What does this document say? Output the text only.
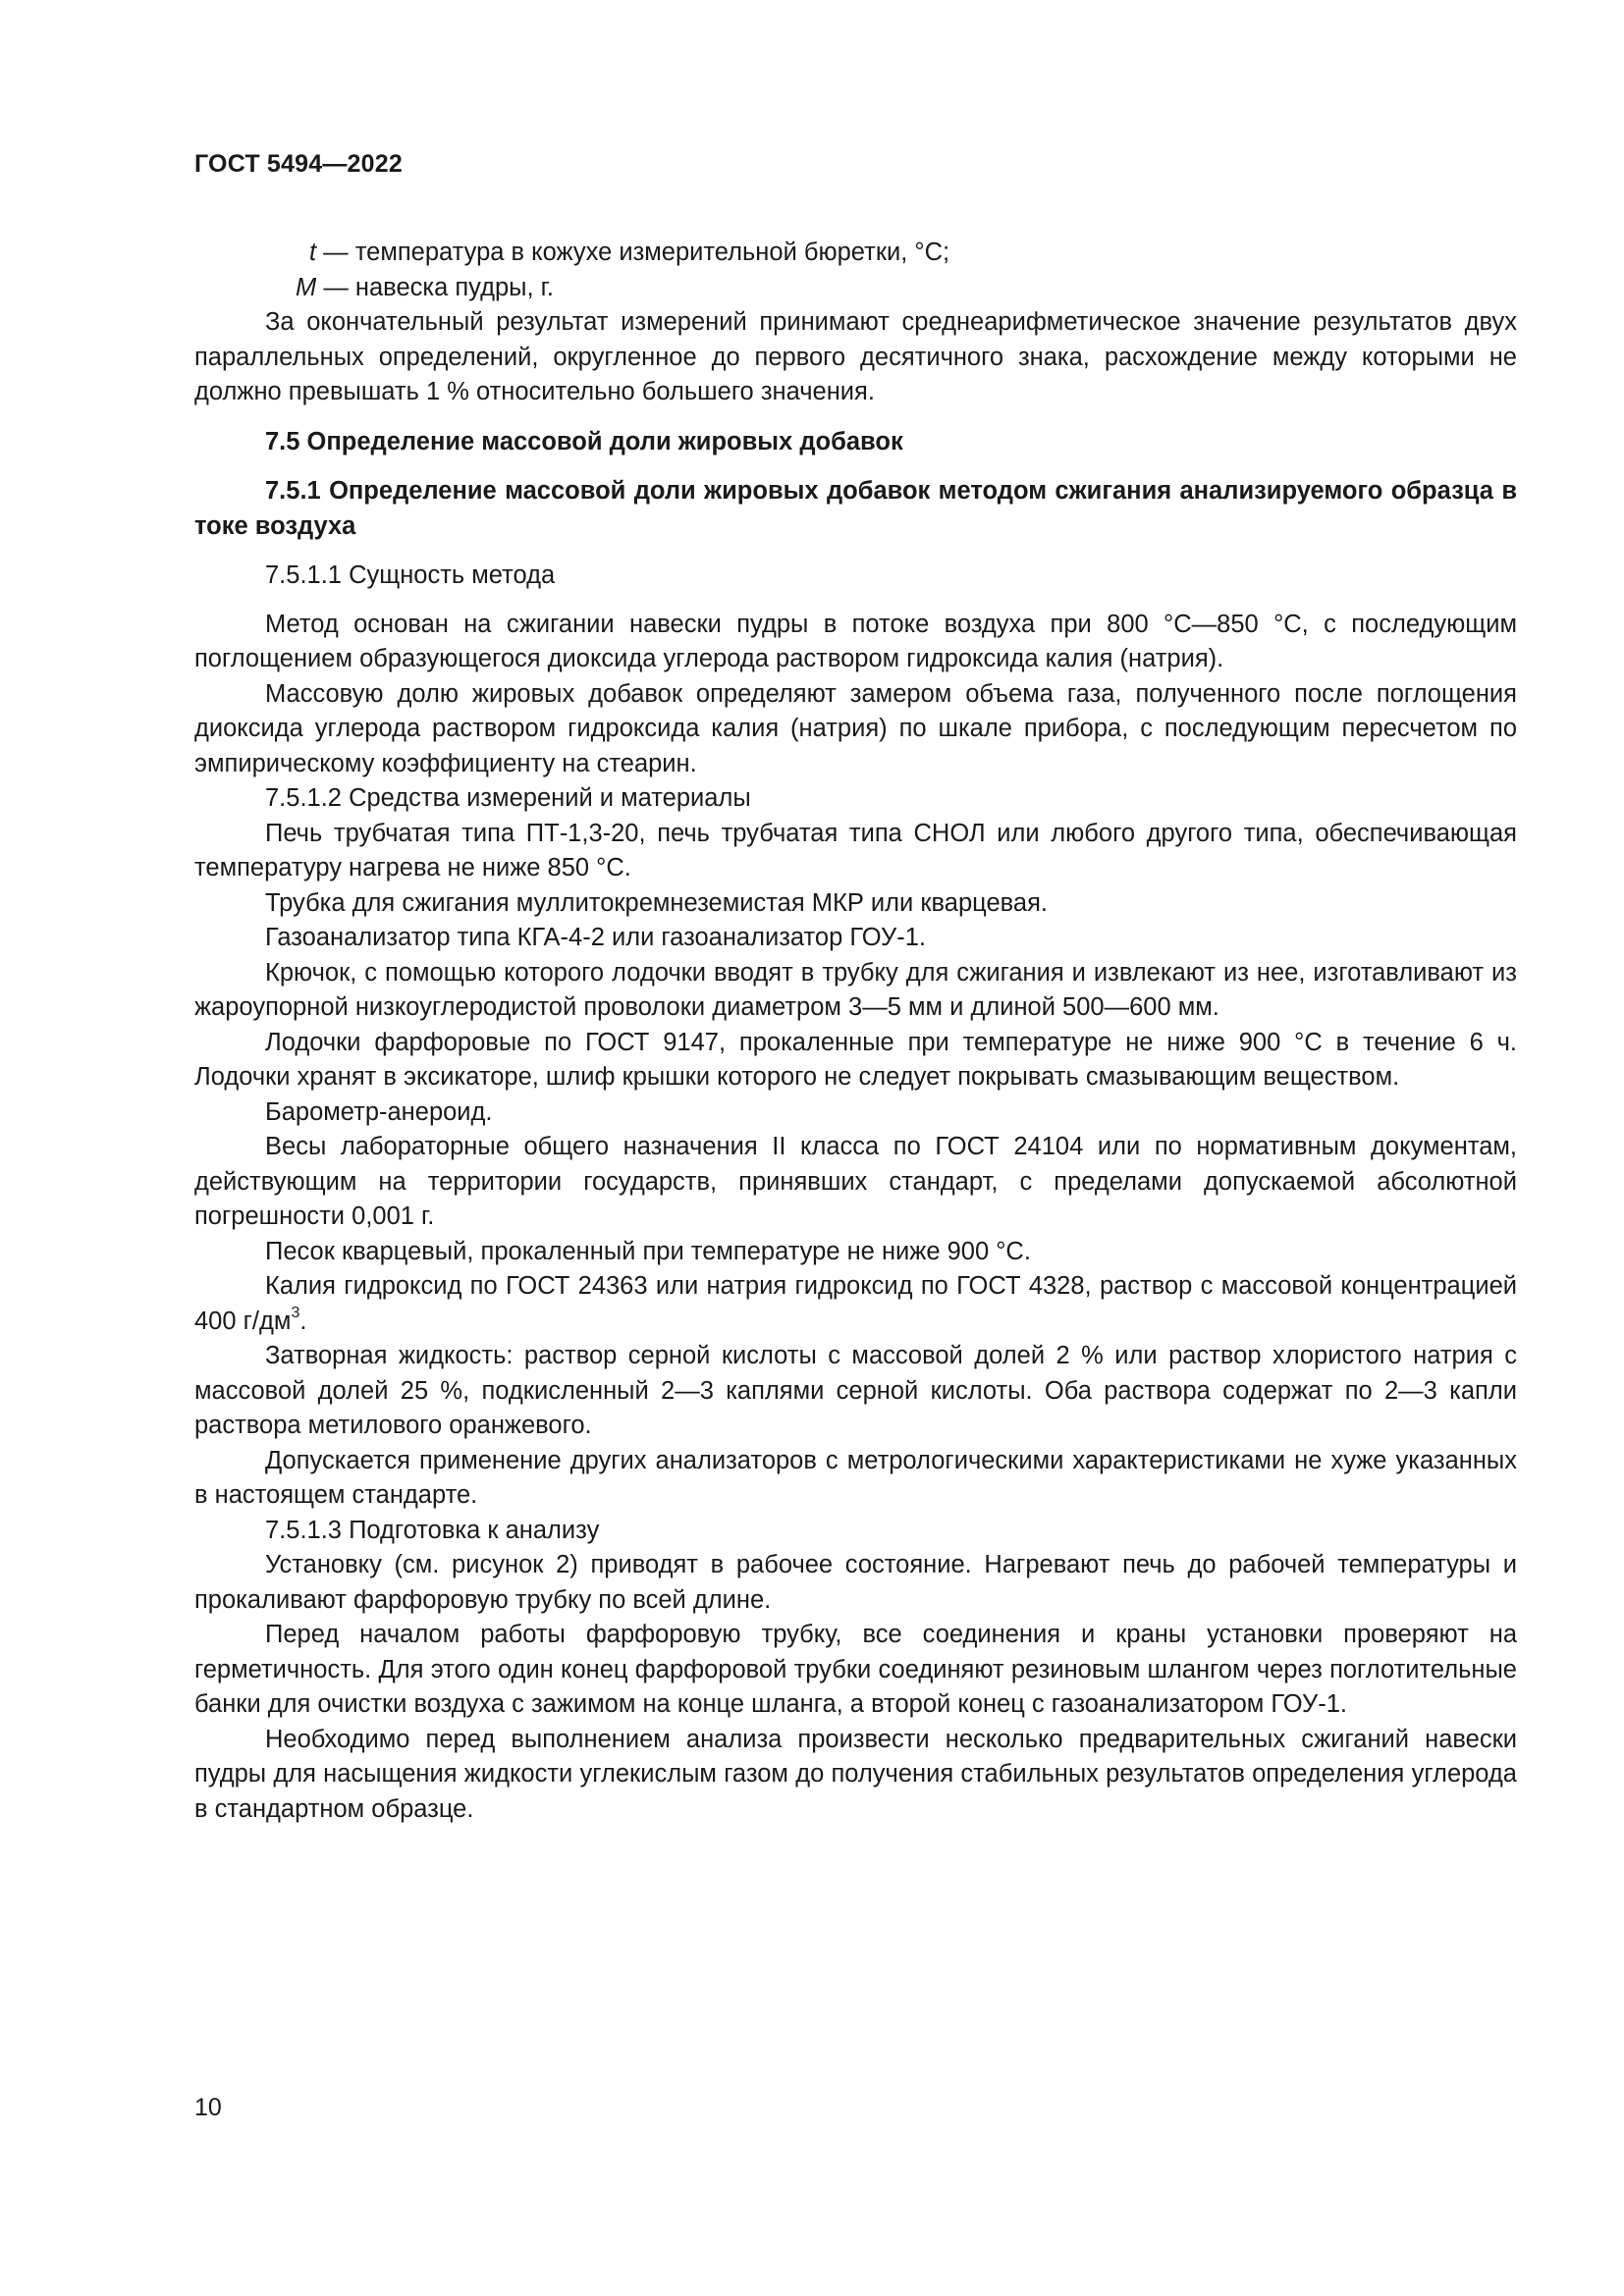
ГОСТ 5494—2022

t — температура в кожухе измерительной бюретки, °С;

M — навеска пудры, г.

За окончательный результат измерений принимают среднеарифметическое значение результатов двух параллельных определений, округленное до первого десятичного знака, расхождение между которыми не должно превышать 1 % относительно большего значения.

7.5 Определение массовой доли жировых добавок

7.5.1 Определение массовой доли жировых добавок методом сжигания анализируемого образца в токе воздуха

7.5.1.1 Сущность метода

Метод основан на сжигании навески пудры в потоке воздуха при 800 °С—850 °С, с последующим поглощением образующегося диоксида углерода раствором гидроксида калия (натрия).

Массовую долю жировых добавок определяют замером объема газа, полученного после поглощения диоксида углерода раствором гидроксида калия (натрия) по шкале прибора, с последующим пересчетом по эмпирическому коэффициенту на стеарин.

7.5.1.2 Средства измерений и материалы

Печь трубчатая типа ПТ-1,3-20, печь трубчатая типа СНОЛ или любого другого типа, обеспечивающая температуру нагрева не ниже 850 °С.

Трубка для сжигания муллитокремнеземистая МКР или кварцевая.

Газоанализатор типа КГА-4-2 или газоанализатор ГОУ-1.

Крючок, с помощью которого лодочки вводят в трубку для сжигания и извлекают из нее, изготавливают из жароупорной низкоуглеродистой проволоки диаметром 3—5 мм и длиной 500—600 мм.

Лодочки фарфоровые по ГОСТ 9147, прокаленные при температуре не ниже 900 °С в течение 6 ч. Лодочки хранят в эксикаторе, шлиф крышки которого не следует покрывать смазывающим веществом.

Барометр-анероид.

Весы лабораторные общего назначения II класса по ГОСТ 24104 или по нормативным документам, действующим на территории государств, принявших стандарт, с пределами допускаемой абсолютной погрешности 0,001 г.

Песок кварцевый, прокаленный при температуре не ниже 900 °С.

Калия гидроксид по ГОСТ 24363 или натрия гидроксид по ГОСТ 4328, раствор с массовой концентрацией 400 $г/дм^3$.

Затворная жидкость: раствор серной кислоты с массовой долей 2 % или раствор хлористого натрия с массовой долей 25 %, подкисленный 2—3 каплями серной кислоты. Оба раствора содержат по 2—3 капли раствора метилового оранжевого.

Допускается применение других анализаторов с метрологическими характеристиками не хуже указанных в настоящем стандарте.

7.5.1.3 Подготовка к анализу

Установку (см. рисунок 2) приводят в рабочее состояние. Нагревают печь до рабочей температуры и прокаливают фарфоровую трубку по всей длине.

Перед началом работы фарфоровую трубку, все соединения и краны установки проверяют на герметичность. Для этого один конец фарфоровой трубки соединяют резиновым шлангом через поглотительные банки для очистки воздуха с зажимом на конце шланга, а второй конец с газоанализатором ГОУ-1.

Необходимо перед выполнением анализа произвести несколько предварительных сжиганий навески пудры для насыщения жидкости углекислым газом до получения стабильных результатов определения углерода в стандартном образце.

10
